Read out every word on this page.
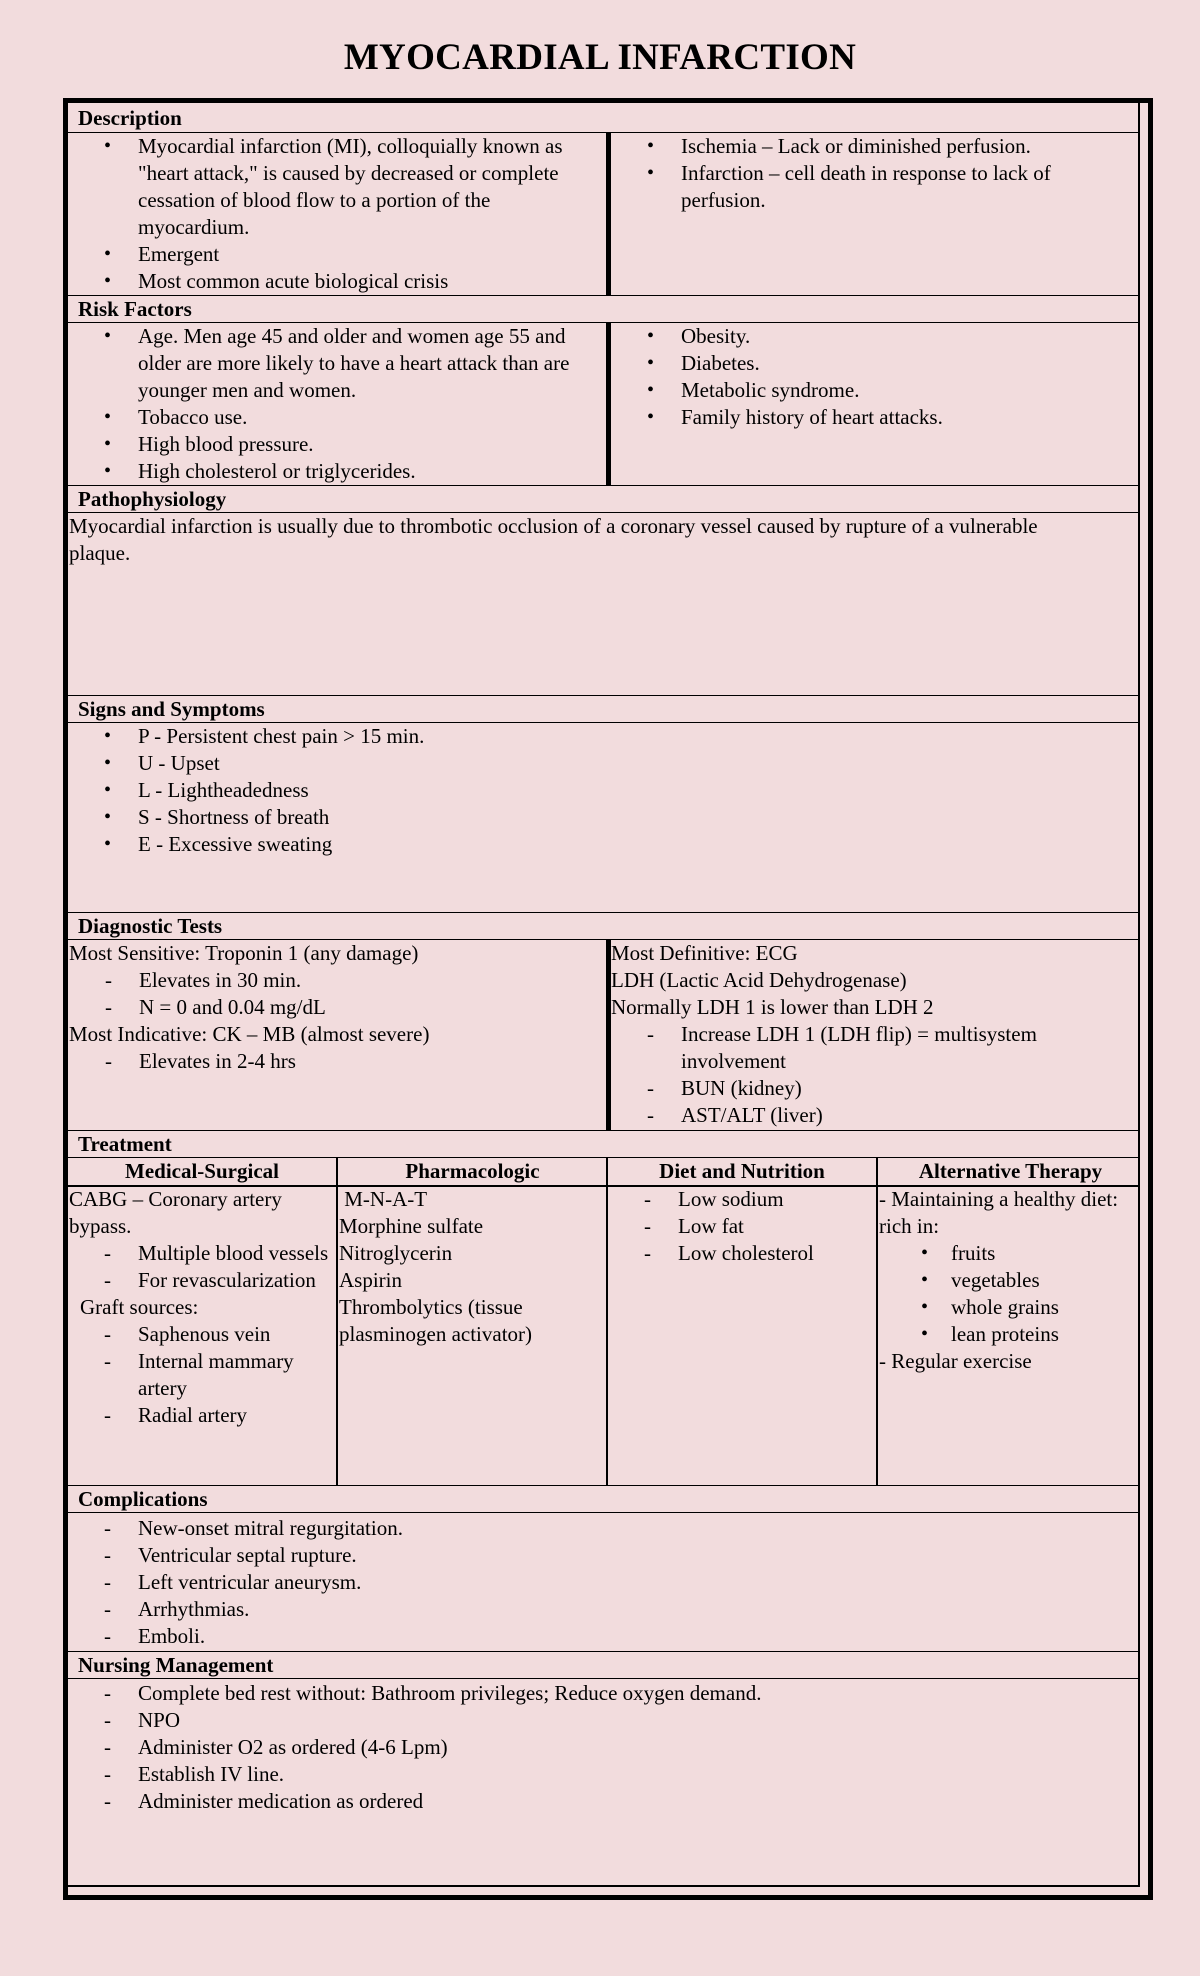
MYOCARDIAL INFARCTION
Description
• Myocardial infarction (MI), colloquially known as "heart attack," is caused by decreased or complete cessation of blood flow to a portion of the myocardium.
• Emergent
• Most common acute biological crisis
• Ischemia – Lack or diminished perfusion.
• Infarction – cell death in response to lack of perfusion.
Risk Factors
• Age. Men age 45 and older and women age 55 and older are more likely to have a heart attack than are younger men and women.
• Tobacco use.
• High blood pressure.
• High cholesterol or triglycerides.
• Obesity.
• Diabetes.
• Metabolic syndrome.
• Family history of heart attacks.
Pathophysiology
Myocardial infarction is usually due to thrombotic occlusion of a coronary vessel caused by rupture of a vulnerable plaque.
Signs and Symptoms
• P - Persistent chest pain > 15 min.
• U - Upset
• L - Lightheadedness
• S - Shortness of breath
• E - Excessive sweating
Diagnostic Tests
Most Sensitive: Troponin 1 (any damage)
- Elevates in 30 min.
- N = 0 and 0.04 mg/dL
Most Indicative: CK – MB (almost severe)
- Elevates in 2-4 hrs
Most Definitive: ECG
LDH (Lactic Acid Dehydrogenase)
Normally LDH 1 is lower than LDH 2
- Increase LDH 1 (LDH flip) = multisystem involvement
- BUN (kidney)
- AST/ALT (liver)
Treatment
Medical-Surgical
CABG – Coronary artery bypass.
- Multiple blood vessels
- For revascularization
Graft sources:
- Saphenous vein
- Internal mammary artery
- Radial artery
Pharmacologic
M-N-A-T
Morphine sulfate
Nitroglycerin
Aspirin
Thrombolytics (tissue plasminogen activator)
Diet and Nutrition
- Low sodium
- Low fat
- Low cholesterol
Alternative Therapy
- Maintaining a healthy diet:  rich in:
• fruits
• vegetables
• whole grains
• lean proteins
- Regular exercise
Complications
- New-onset mitral regurgitation.
- Ventricular septal rupture.
- Left ventricular aneurysm.
- Arrhythmias.
- Emboli.
Nursing Management
- Complete bed rest without: Bathroom privileges; Reduce oxygen demand.
- NPO
- Administer O2 as ordered (4-6 Lpm)
- Establish IV line.
- Administer medication as ordered
